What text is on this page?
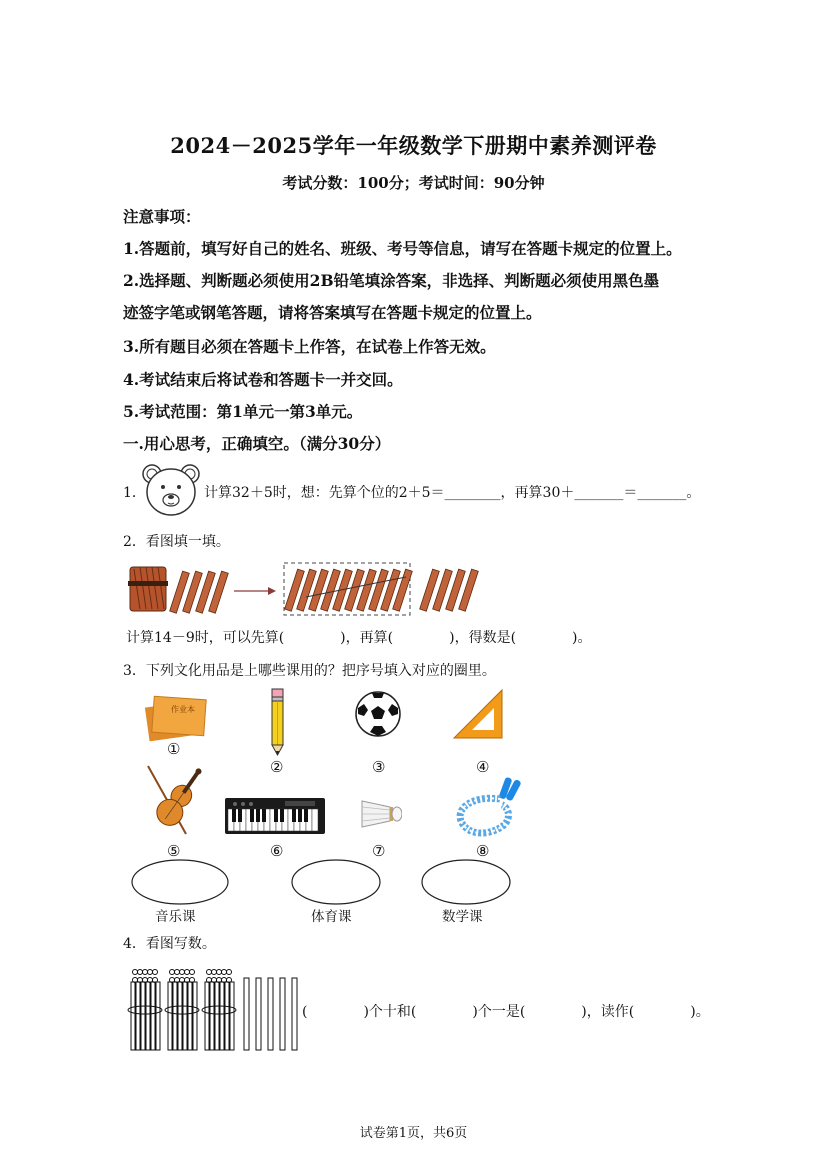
2024－2025学年一年级数学下册期中素养测评卷
考试分数：100分；考试时间：90分钟
注意事项：
1.答题前，填写好自己的姓名、班级、考号等信息，请写在答题卡规定的位置上。
2.选择题、判断题必须使用2B铅笔填涂答案，非选择、判断题必须使用黑色墨
迹签字笔或钢笔答题，请将答案填写在答题卡规定的位置上。
3.所有题目必须在答题卡上作答，在试卷上作答无效。
4.考试结束后将试卷和答题卡一并交回。
5.考试范围：第1单元一第3单元。
一.用心思考，正确填空。（满分30分）
1．	计算32＋5时，想：先算个位的2＋5＝________，再算30＋_______＝_______。
2．看图填一填。
计算14－9时，可以先算(　　　　)，再算(　　　　)，得数是(　　　　)。
3．下列文化用品是上哪些课用的？把序号填入对应的圈里。
作业本
①
②	③	④
⑤	⑥	⑦	⑧
音乐课	体育课	数学课
4．看图写数。
(　　　　)个十和(　　　　)个一是(　　　　)，读作(　　　　)。
试卷第1页，共6页
